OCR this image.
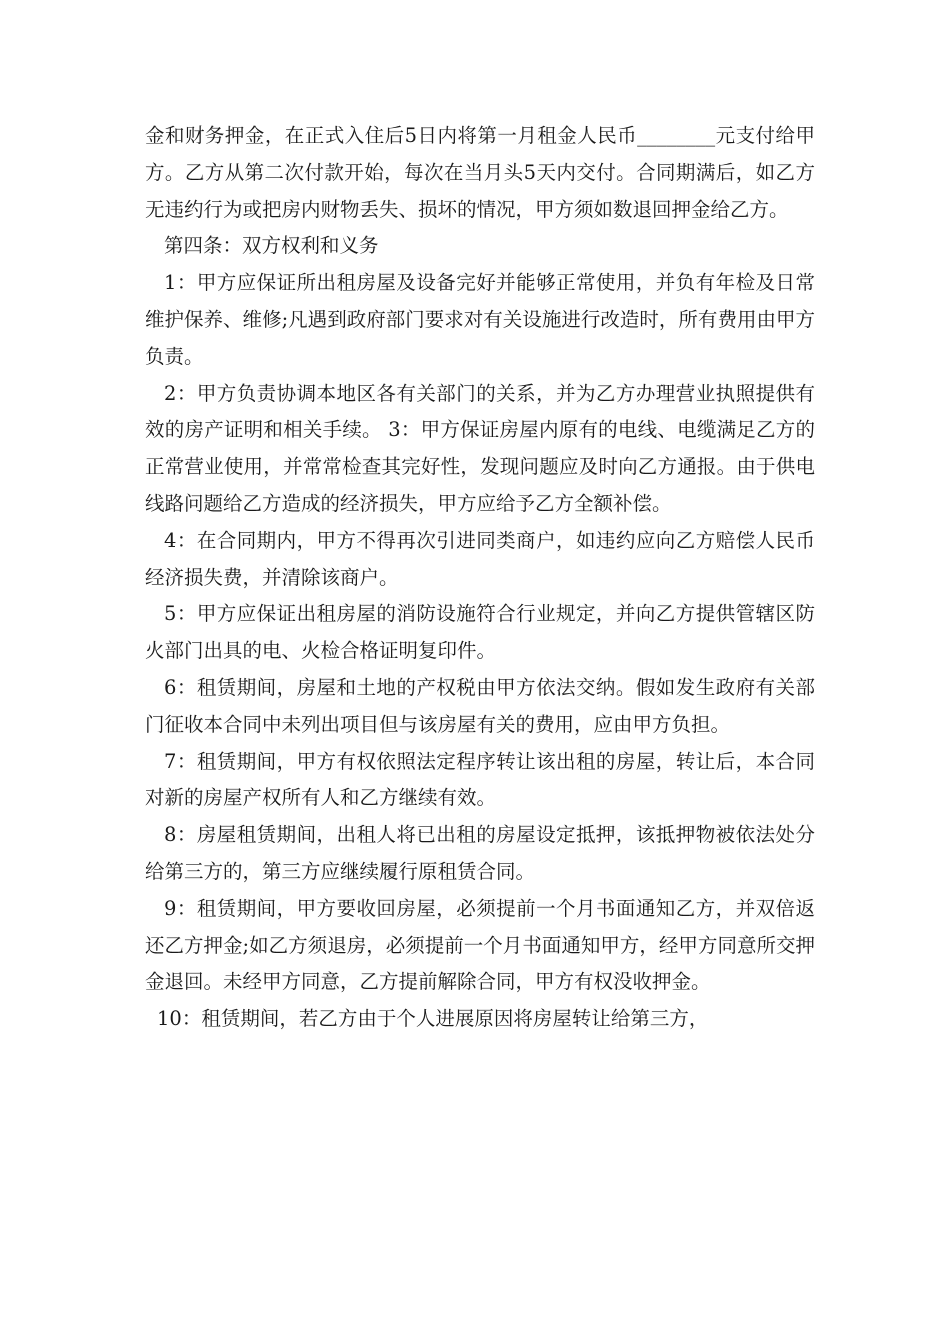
金和财务押金，在正式入住后5日内将第一月租金人民币________元支付给甲方。乙方从第二次付款开始，每次在当月头5天内交付。合同期满后，如乙方无违约行为或把房内财物丢失、损坏的情况，甲方须如数退回押金给乙方。

第四条：双方权利和义务

1：甲方应保证所出租房屋及设备完好并能够正常使用，并负有年检及日常维护保养、维修;凡遇到政府部门要求对有关设施进行改造时，所有费用由甲方负责。

2：甲方负责协调本地区各有关部门的关系，并为乙方办理营业执照提供有效的房产证明和相关手续。 3：甲方保证房屋内原有的电线、电缆满足乙方的正常营业使用，并常常检查其完好性，发现问题应及时向乙方通报。由于供电线路问题给乙方造成的经济损失，甲方应给予乙方全额补偿。

4：在合同期内，甲方不得再次引进同类商户，如违约应向乙方赔偿人民币经济损失费，并清除该商户。

5：甲方应保证出租房屋的消防设施符合行业规定，并向乙方提供管辖区防火部门出具的电、火检合格证明复印件。

6：租赁期间，房屋和土地的产权税由甲方依法交纳。假如发生政府有关部门征收本合同中未列出项目但与该房屋有关的费用，应由甲方负担。

7：租赁期间，甲方有权依照法定程序转让该出租的房屋，转让后，本合同对新的房屋产权所有人和乙方继续有效。

8：房屋租赁期间，出租人将已出租的房屋设定抵押，该抵押物被依法处分给第三方的，第三方应继续履行原租赁合同。

9：租赁期间，甲方要收回房屋，必须提前一个月书面通知乙方，并双倍返还乙方押金;如乙方须退房，必须提前一个月书面通知甲方，经甲方同意所交押金退回。未经甲方同意，乙方提前解除合同，甲方有权没收押金。

10：租赁期间，若乙方由于个人进展原因将房屋转让给第三方，
